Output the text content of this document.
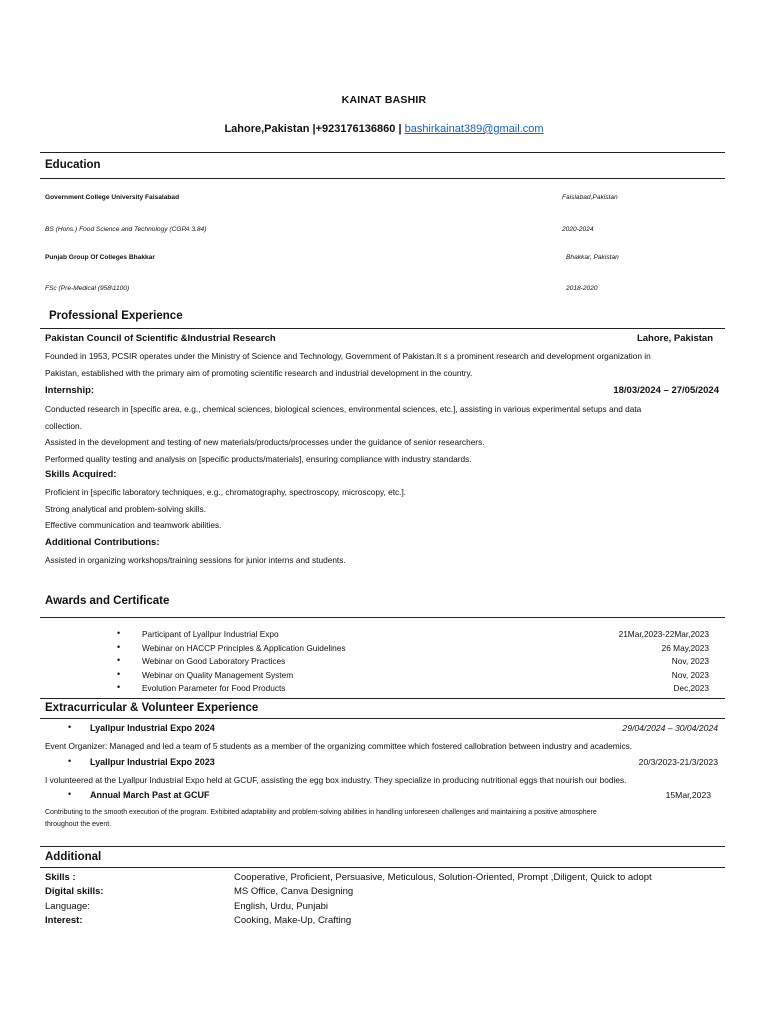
KAINAT BASHIR
Lahore,Pakistan |+923176136860 | bashirkainat389@gmail.com
Education
Government College University Faisalabad	Faislabad,Pakistan
BS (Hons.) Food Science and Technology (CGPA 3.84)	2020-2024
Punjab Group Of Colleges Bhakkar	Bhakkar, Pakistan
FSc (Pre-Medical (958\1100)	2018-2020
Professional Experience
Pakistan Council of Scientific &Industrial Research	Lahore, Pakistan
Founded in 1953, PCSIR operates under the Ministry of Science and Technology, Government of Pakistan.It s a prominent research and development organization in
Pakistan, established with the primary aim of promoting scientific research and industrial development in the country.
Internship:	18/03/2024 – 27/05/2024
Conducted research in [specific area, e.g., chemical sciences, biological sciences, environmental sciences, etc.], assisting in various experimental setups and data
collection.
Assisted in the development and testing of new materials/products/processes under the guidance of senior researchers.
Performed quality testing and analysis on [specific products/materials], ensuring compliance with industry standards.
Skills Acquired:
Proficient in [specific laboratory techniques, e.g., chromatography, spectroscopy, microscopy, etc.].
Strong analytical and problem-solving skills.
Effective communication and teamwork abilities.
Additional Contributions:
Assisted in organizing workshops/training sessions for junior interns and students.
Awards and Certificate
•	Participant of Lyallpur Industrial Expo	21Mar,2023-22Mar,2023
•	Webinar on HACCP Principles & Application Guidelines	26 May,2023
•	Webinar on Good Laboratory Practices	Nov, 2023
•	Webinar on Quality Management System	Nov, 2023
•	Evolution Parameter for Food Products	Dec,2023
Extracurricular & Volunteer Experience
• Lyallpur Industrial Expo 2024	29/04/2024 – 30/04/2024
Event Organizer: Managed and led a team of 5 students as a member of the organizing committee which fostered callobration between industry and academics.
• Lyallpur Industrial Expo 2023	20/3/2023-21/3/2023
I volunteered at the Lyallpur Industrial Expo held at GCUF, assisting the egg box industry. They specialize in producing nutritional eggs that nourish our bodies.
• Annual March Past at GCUF	15Mar,2023
Contributing to the smooth execution of the program. Exhibited adaptability and problem-solving abilities in handling unforeseen challenges and maintaining a positive atmosphere
throughout the event.
Additional
Skills :	Cooperative, Proficient, Persuasive, Meticulous, Solution-Oriented, Prompt ,Diligent, Quick to adopt
Digital skills:	MS Office, Canva Designing
Language:	English, Urdu, Punjabi
Interest:	Cooking, Make-Up, Crafting
